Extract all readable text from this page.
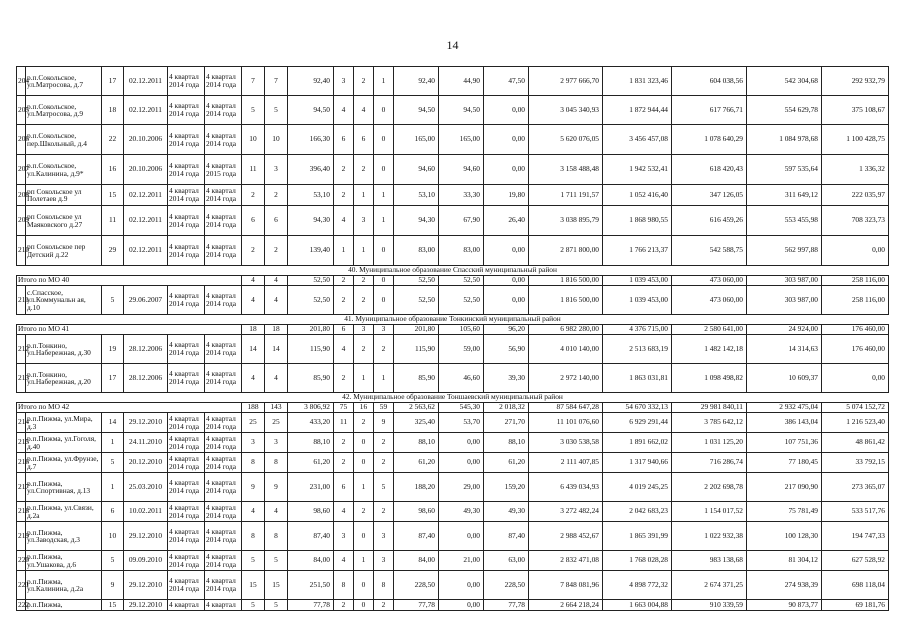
14
204	р.п.Сокольское, ул.Матросова, д.7	17	02.12.2011	4 квартал 2014 года	4 квартал 2014 года	7	7	92,40	3	2	1	92,40	44,90	47,50	2 977 666,70	1 831 323,46	604 038,56	542 304,68	292 932,79
205	р.п.Сокольское, ул.Матросова, д.9	18	02.12.2011	4 квартал 2014 года	4 квартал 2014 года	5	5	94,50	4	4	0	94,50	94,50	0,00	3 045 340,93	1 872 944,44	617 766,71	554 629,78	375 108,67
206	р.п.Сокольское, пер.Школьный, д.4	22	20.10.2006	4 квартал 2014 года	4 квартал 2014 года	10	10	166,30	6	6	0	165,00	165,00	0,00	5 620 076,05	3 456 457,08	1 078 640,29	1 084 978,68	1 100 428,75
207	р.п.Сокольское, ул.Калинина, д.9*	16	20.10.2006	4 квартал 2014 года	4 квартал 2015 года	11	3	396,40	2	2	0	94,60	94,60	0,00	3 158 488,48	1 942 532,41	618 420,43	597 535,64	1 336,32
208	рп Сокольское ул Полетаев д.9	15	02.12.2011	4 квартал 2014 года	4 квартал 2014 года	2	2	53,10	2	1	1	53,10	33,30	19,80	1 711 191,57	1 052 416,40	347 126,05	311 649,12	222 035,97
209	рп Сокольское ул Маяковского д.27	11	02.12.2011	4 квартал 2014 года	4 квартал 2014 года	6	6	94,30	4	3	1	94,30	67,90	26,40	3 038 895,79	1 868 980,55	616 459,26	553 455,98	708 323,73
210	рп Сокольское пер Детский д.22	29	02.12.2011	4 квартал 2014 года	4 квартал 2014 года	2	2	139,40	1	1	0	83,00	83,00	0,00	2 871 800,00	1 766 213,37	542 588,75	562 997,88	0,00
40. Муниципальное образование Спасский муниципальный район																			
Итого по МО 40						4	4	52,50	2	2	0	52,50	52,50	0,00	1 816 500,00	1 039 453,00	473 060,00	303 987,00	258 116,00
211	с.Спасское, ул.Коммунальн ая, д.10	5	29.06.2007	4 квартал 2014 года	4 квартал 2014 года	4	4	52,50	2	2	0	52,50	52,50	0,00	1 816 500,00	1 039 453,00	473 060,00	303 987,00	258 116,00
41. Муниципальное образование Тонкинский муниципальный район																			
Итого по МО 41						18	18	201,80	6	3	3	201,80	105,60	96,20	6 982 280,00	4 376 715,00	2 580 641,00	24 924,00	176 460,00
212	р.п.Тонкино, ул.Набережная, д.30	19	28.12.2006	4 квартал 2014 года	4 квартал 2014 года	14	14	115,90	4	2	2	115,90	59,00	56,90	4 010 140,00	2 513 683,19	1 482 142,18	14 314,63	176 460,00
213	р.п.Тонкино, ул.Набережная, д.20	17	28.12.2006	4 квартал 2014 года	4 квартал 2014 года	4	4	85,90	2	1	1	85,90	46,60	39,30	2 972 140,00	1 863 031,81	1 098 498,82	10 609,37	0,00
42. Муниципальное образование Тоншаевский муниципальный район																			
Итого по МО 42						188	143	3 806,92	75	16	59	2 563,62	545,30	2 018,32	87 584 647,28	54 670 332,13	29 981 840,11	2 932 475,04	5 074 152,72
214	р.п.Пижма, ул.Мира, д.3	14	29.12.2010	4 квартал 2014 года	4 квартал 2014 года	25	25	433,20	11	2	9	325,40	53,70	271,70	11 101 076,60	6 929 291,44	3 785 642,12	386 143,04	1 216 523,40
215	р.п.Пижма, ул.Гоголя, д.40	1	24.11.2010	4 квартал 2014 года	4 квартал 2014 года	3	3	88,10	2	0	2	88,10	0,00	88,10	3 030 538,58	1 891 662,02	1 031 125,20	107 751,36	48 861,42
216	р.п.Пижма, ул.Фрунзе, д.7	5	20.12.2010	4 квартал 2014 года	4 квартал 2014 года	8	8	61,20	2	0	2	61,20	0,00	61,20	2 111 407,85	1 317 940,66	716 286,74	77 180,45	33 792,15
217	р.п.Пижма, ул.Спортивная, д.13	1	25.03.2010	4 квартал 2014 года	4 квартал 2014 года	9	9	231,00	6	1	5	188,20	29,00	159,20	6 439 034,93	4 019 245,25	2 202 698,78	217 090,90	273 365,07
218	р.п.Пижма, ул.Связи, д.2а	6	10.02.2011	4 квартал 2014 года	4 квартал 2014 года	4	4	98,60	4	2	2	98,60	49,30	49,30	3 272 482,24	2 042 683,23	1 154 017,52	75 781,49	533 517,76
219	р.п.Пижма, ул.Заводская, д.3	10	29.12.2010	4 квартал 2014 года	4 квартал 2014 года	8	8	87,40	3	0	3	87,40	0,00	87,40	2 988 452,67	1 865 391,99	1 022 932,38	100 128,30	194 747,33
220	р.п.Пижма, ул.Ушакова, д.6	5	09.09.2010	4 квартал 2014 года	4 квартал 2014 года	5	5	84,00	4	1	3	84,00	21,00	63,00	2 832 471,08	1 768 028,28	983 138,68	81 304,12	627 528,92
221	р.п.Пижма, ул.Калинина, д.2а	9	29.12.2010	4 квартал 2014 года	4 квартал 2014 года	15	15	251,50	8	0	8	228,50	0,00	228,50	7 848 081,96	4 898 772,32	2 674 371,25	274 938,39	698 118,04
222	р.п.Пижма,	15	29.12.2010	4 квартал	4 квартал	5	5	77,78	2	0	2	77,78	0,00	77,78	2 664 218,24	1 663 004,88	910 339,59	90 873,77	69 181,76
